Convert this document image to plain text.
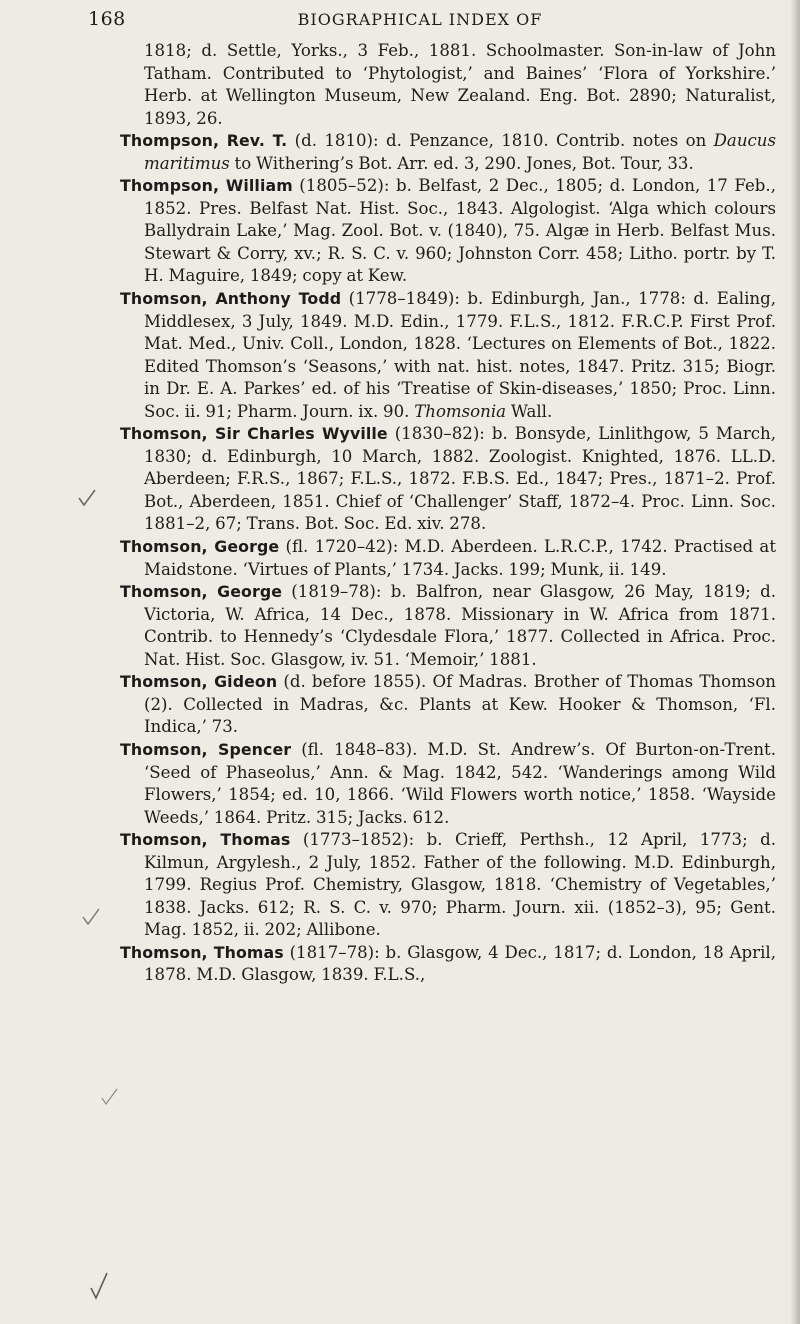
168	BIOGRAPHICAL INDEX OF

1818; d. Settle, Yorks., 3 Feb., 1881. Schoolmaster. Son-in-law of John Tatham. Contributed to ‘Phytologist,’ and Baines’ ‘Flora of Yorkshire.’ Herb. at Wellington Museum, New Zealand. Eng. Bot. 2890; Naturalist, 1893, 26.

Thompson, Rev. T. (d. 1810): d. Penzance, 1810. Contrib. notes on Daucus maritimus to Withering’s Bot. Arr. ed. 3, 290. Jones, Bot. Tour, 33.

Thompson, William (1805–52): b. Belfast, 2 Dec., 1805; d. London, 17 Feb., 1852. Pres. Belfast Nat. Hist. Soc., 1843. Algologist. ‘Alga which colours Ballydrain Lake,’ Mag. Zool. Bot. v. (1840), 75. Algæ in Herb. Belfast Mus. Stewart & Corry, xv.; R. S. C. v. 960; Johnston Corr. 458; Litho. portr. by T. H. Maguire, 1849; copy at Kew.

Thomson, Anthony Todd (1778–1849): b. Edinburgh, Jan., 1778: d. Ealing, Middlesex, 3 July, 1849. M.D. Edin., 1779. F.L.S., 1812. F.R.C.P. First Prof. Mat. Med., Univ. Coll., London, 1828. ‘Lectures on Elements of Bot., 1822. Edited Thomson’s ‘Seasons,’ with nat. hist. notes, 1847. Pritz. 315; Biogr. in Dr. E. A. Parkes’ ed. of his ‘Treatise of Skin-diseases,’ 1850; Proc. Linn. Soc. ii. 91; Pharm. Journ. ix. 90. Thomsonia Wall.

Thomson, Sir Charles Wyville (1830–82): b. Bonsyde, Linlithgow, 5 March, 1830; d. Edinburgh, 10 March, 1882. Zoologist. Knighted, 1876. LL.D. Aberdeen; F.R.S., 1867; F.L.S., 1872. F.B.S. Ed., 1847; Pres., 1871–2. Prof. Bot., Aberdeen, 1851. Chief of ‘Challenger’ Staff, 1872–4. Proc. Linn. Soc. 1881–2, 67; Trans. Bot. Soc. Ed. xiv. 278.

Thomson, George (fl. 1720–42): M.D. Aberdeen. L.R.C.P., 1742. Practised at Maidstone. ‘Virtues of Plants,’ 1734. Jacks. 199; Munk, ii. 149.

Thomson, George (1819–78): b. Balfron, near Glasgow, 26 May, 1819; d. Victoria, W. Africa, 14 Dec., 1878. Missionary in W. Africa from 1871. Contrib. to Hennedy’s ‘Clydesdale Flora,’ 1877. Collected in Africa. Proc. Nat. Hist. Soc. Glasgow, iv. 51. ‘Memoir,’ 1881.

Thomson, Gideon (d. before 1855). Of Madras. Brother of Thomas Thomson (2). Collected in Madras, &c. Plants at Kew. Hooker & Thomson, ‘Fl. Indica,’ 73.

Thomson, Spencer (fl. 1848–83). M.D. St. Andrew’s. Of Burton-on-Trent. ‘Seed of Phaseolus,’ Ann. & Mag. 1842, 542. ‘Wanderings among Wild Flowers,’ 1854; ed. 10, 1866. ‘Wild Flowers worth notice,’ 1858. ‘Wayside Weeds,’ 1864. Pritz. 315; Jacks. 612.

Thomson, Thomas (1773–1852): b. Crieff, Perthsh., 12 April, 1773; d. Kilmun, Argylesh., 2 July, 1852. Father of the following. M.D. Edinburgh, 1799. Regius Prof. Chemistry, Glasgow, 1818. ‘Chemistry of Vegetables,’ 1838. Jacks. 612; R. S. C. v. 970; Pharm. Journ. xii. (1852–3), 95; Gent. Mag. 1852, ii. 202; Allibone.

Thomson, Thomas (1817–78): b. Glasgow, 4 Dec., 1817; d. London, 18 April, 1878. M.D. Glasgow, 1839. F.L.S.,
